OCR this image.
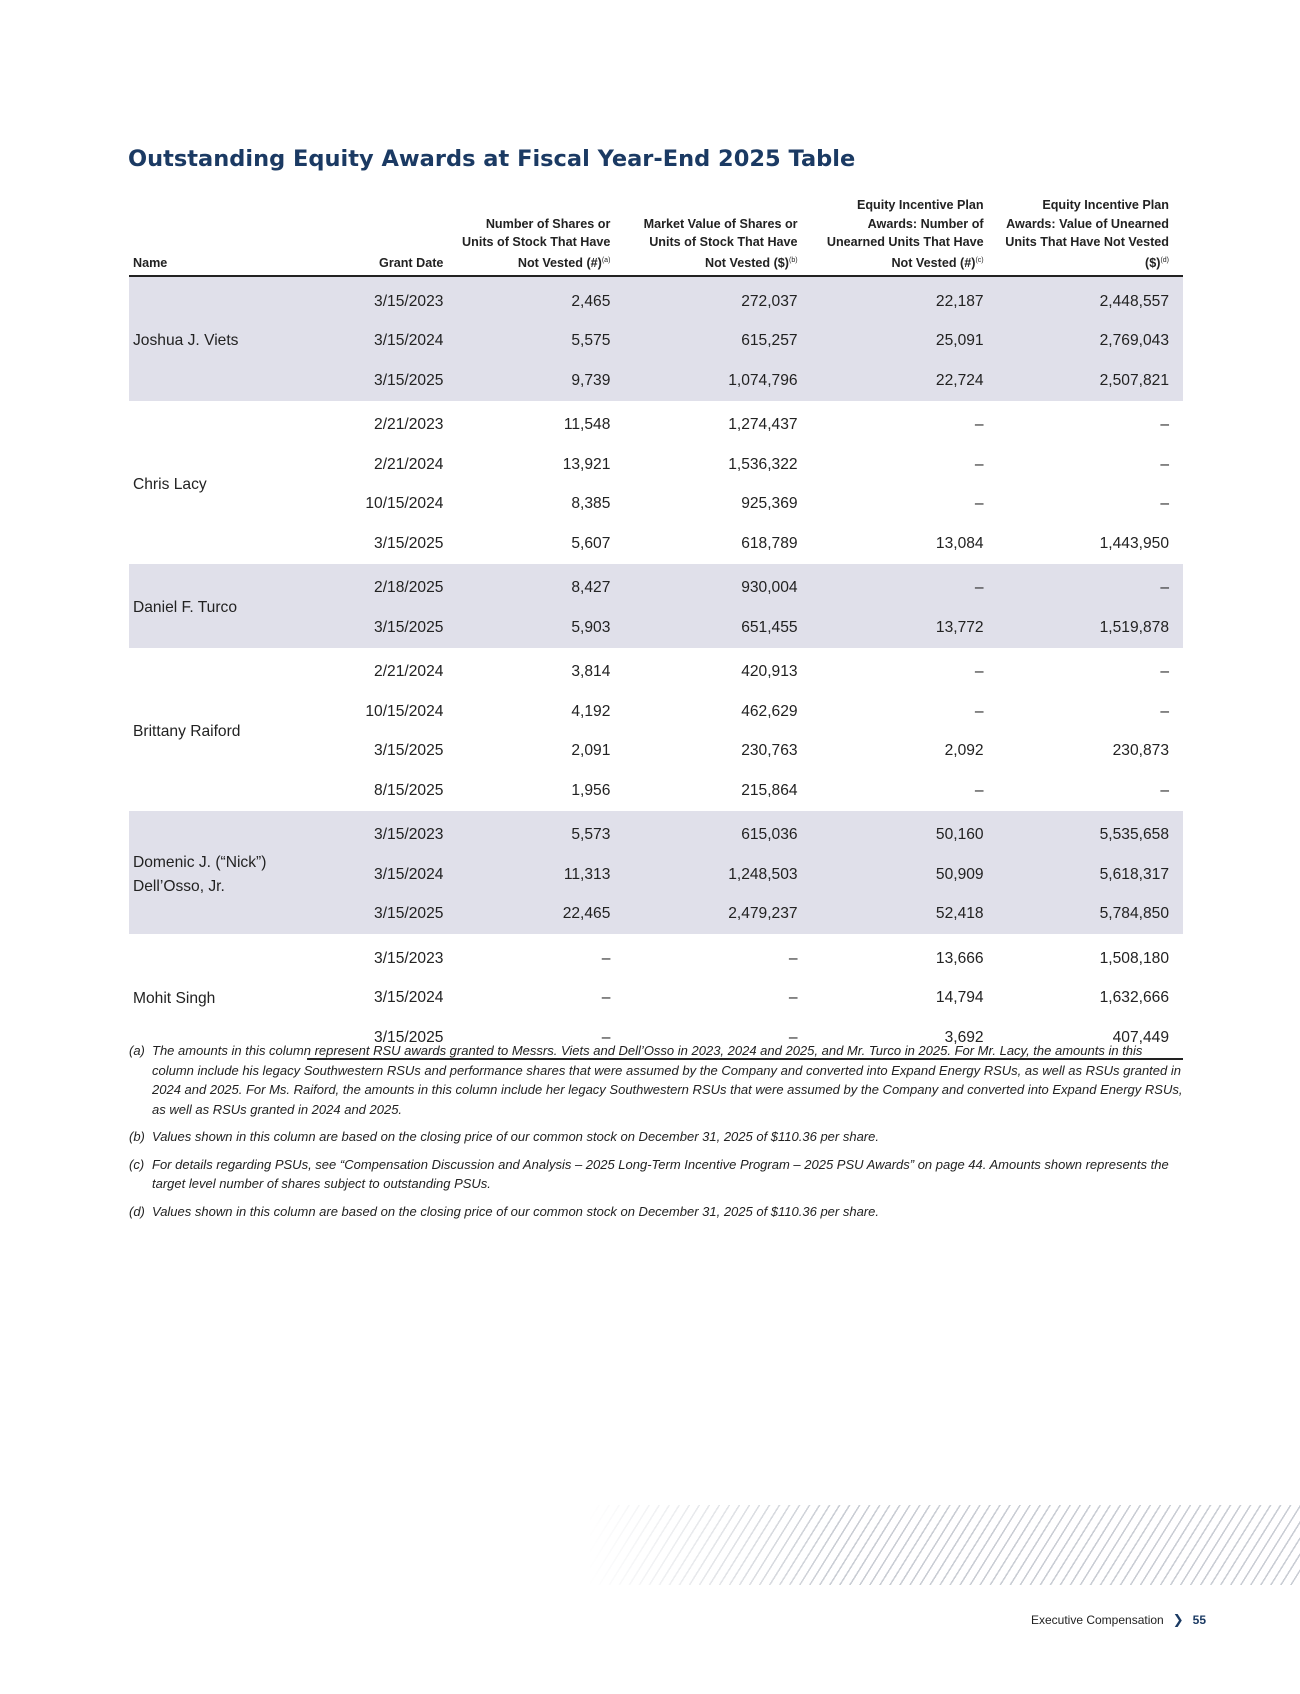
Outstanding Equity Awards at Fiscal Year-End 2025 Table
Name	Grant Date	Number of Shares or Units of Stock That Have Not Vested (#)$^{(a)}$	Market Value of Shares or Units of Stock That Have Not Vested ($)$^{(b)}$	Equity Incentive Plan Awards: Number of Unearned Units That Have Not Vested (#)$^{(c)}$	Equity Incentive Plan Awards: Value of Unearned Units That Have Not Vested ($)$^{(d)}$
Joshua J. Viets	3/15/2023	2,465	272,037	22,187	2,448,557
	3/15/2024	5,575	615,257	25,091	2,769,043
	3/15/2025	9,739	1,074,796	22,724	2,507,821
Chris Lacy	2/21/2023	11,548	1,274,437	–	–
	2/21/2024	13,921	1,536,322	–	–
	10/15/2024	8,385	925,369	–	–
	3/15/2025	5,607	618,789	13,084	1,443,950
Daniel F. Turco	2/18/2025	8,427	930,004	–	–
	3/15/2025	5,903	651,455	13,772	1,519,878
Brittany Raiford	2/21/2024	3,814	420,913	–	–
	10/15/2024	4,192	462,629	–	–
	3/15/2025	2,091	230,763	2,092	230,873
	8/15/2025	1,956	215,864	–	–
Domenic J. (“Nick”) Dell’Osso, Jr.	3/15/2023	5,573	615,036	50,160	5,535,658
	3/15/2024	11,313	1,248,503	50,909	5,618,317
	3/15/2025	22,465	2,479,237	52,418	5,784,850
Mohit Singh	3/15/2023	–	–	13,666	1,508,180
	3/15/2024	–	–	14,794	1,632,666
	3/15/2025	–	–	3,692	407,449
(a) The amounts in this column represent RSU awards granted to Messrs. Viets and Dell’Osso in 2023, 2024 and 2025, and Mr. Turco in 2025. For Mr. Lacy, the amounts in this column include his legacy Southwestern RSUs and performance shares that were assumed by the Company and converted into Expand Energy RSUs, as well as RSUs granted in 2024 and 2025. For Ms. Raiford, the amounts in this column include her legacy Southwestern RSUs that were assumed by the Company and converted into Expand Energy RSUs, as well as RSUs granted in 2024 and 2025.
(b) Values shown in this column are based on the closing price of our common stock on December 31, 2025 of $110.36 per share.
(c) For details regarding PSUs, see “Compensation Discussion and Analysis – 2025 Long-Term Incentive Program – 2025 PSU Awards” on page 44. Amounts shown represents the target level number of shares subject to outstanding PSUs.
(d) Values shown in this column are based on the closing price of our common stock on December 31, 2025 of $110.36 per share.
Executive Compensation ❯ 55
